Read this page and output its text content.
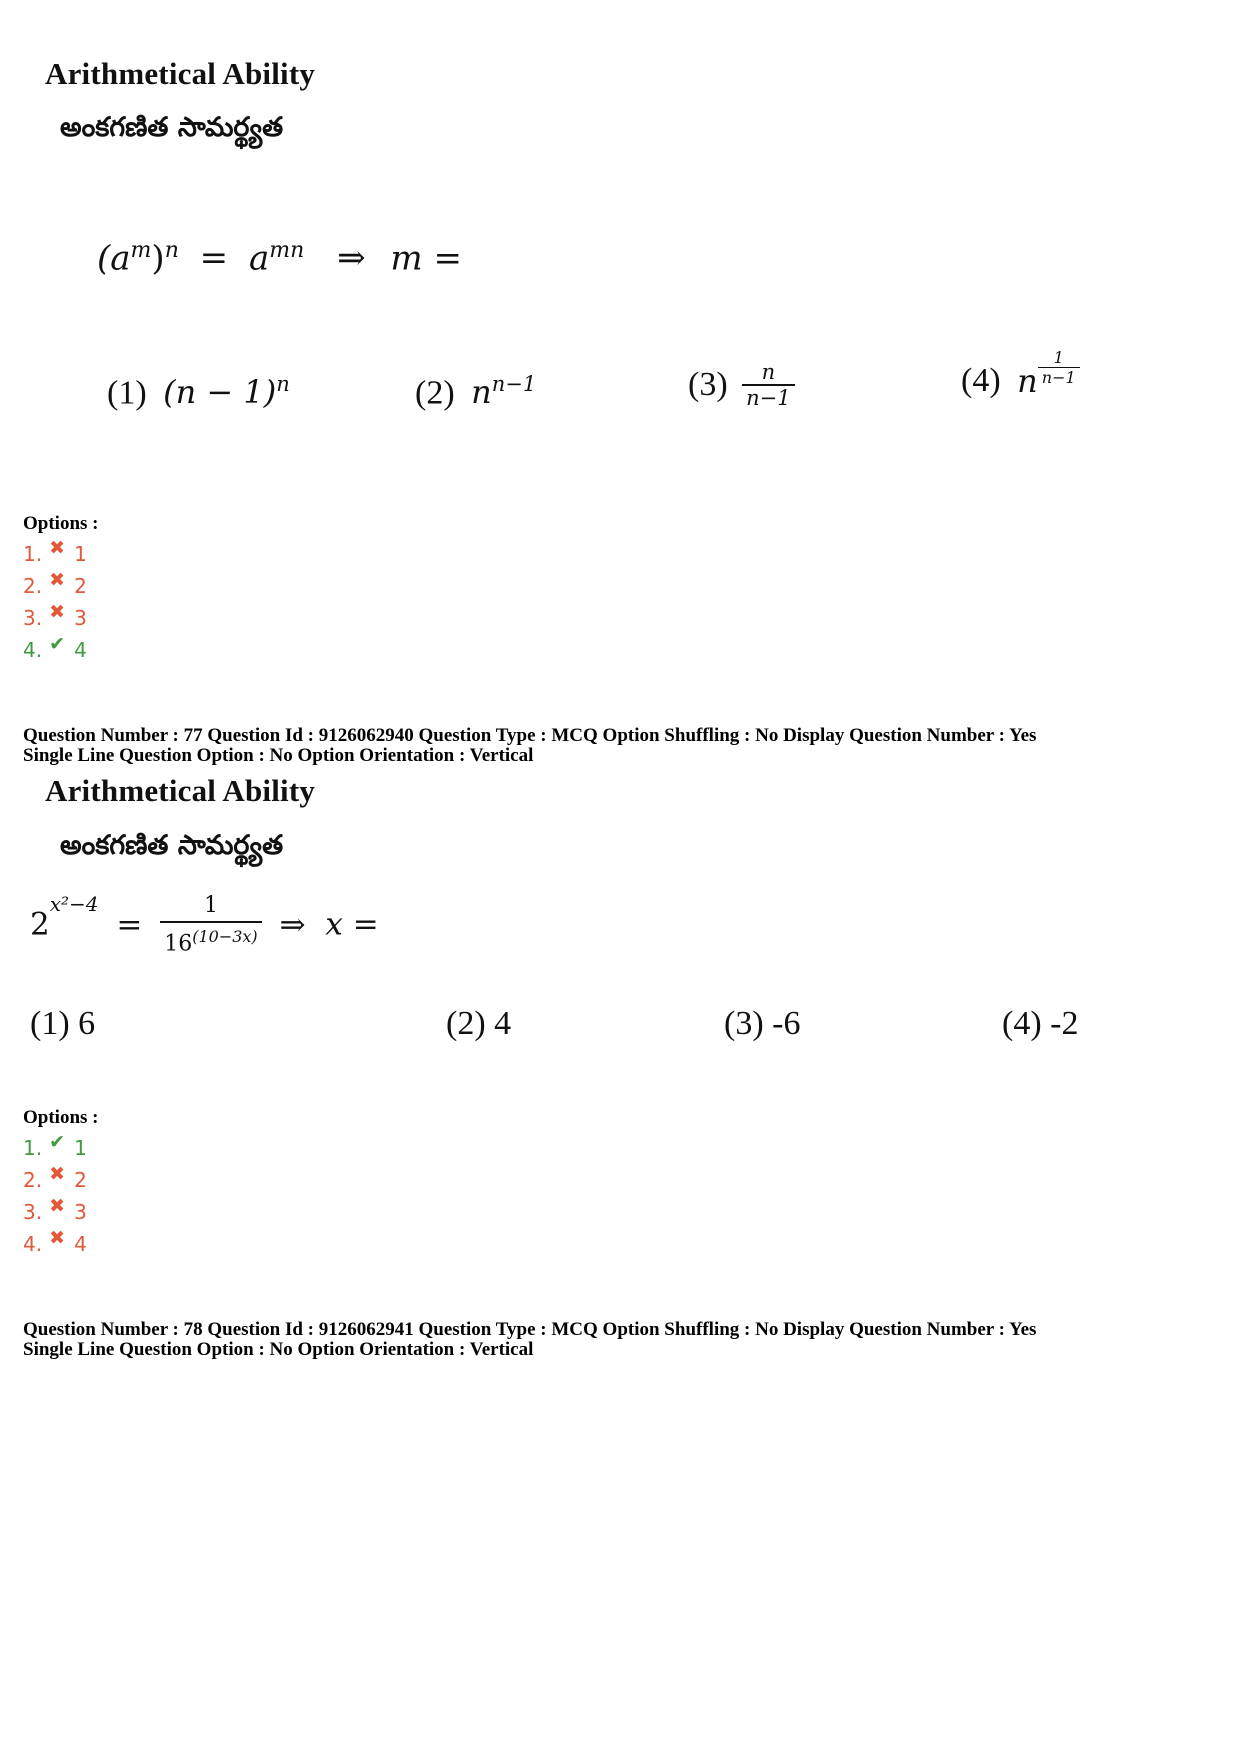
Arithmetical Ability
అంకగణిత సామర్థ్యత
$(a^m)^n = a^{mn}$ ⇒ m =
(1) $(n - 1)^n$	(2) $n^{n-1}$	$(3) \frac{n}{n-1}$	(4) n $\frac{1}{n-1}$
Options :
1. ✖ 1
2. ✖ 2
3. ✖ 3
4. ✔ 4
Question Number : 77 Question Id : 9126062940 Question Type : MCQ Option Shuffling : No Display Question Number : Yes
Single Line Question Option : No Option Orientation : Vertical
Arithmetical Ability
అంకగణిత సామర్థ్యత
$2^{x^2-4} = \frac{1}{16^{(10-3x)}}$ ⇒ x =
(1) 6	(2) 4	(3) -6	(4) -2
Options :
1. ✔ 1
2. ✖ 2
3. ✖ 3
4. ✖ 4
Question Number : 78 Question Id : 9126062941 Question Type : MCQ Option Shuffling : No Display Question Number : Yes
Single Line Question Option : No Option Orientation : Vertical
